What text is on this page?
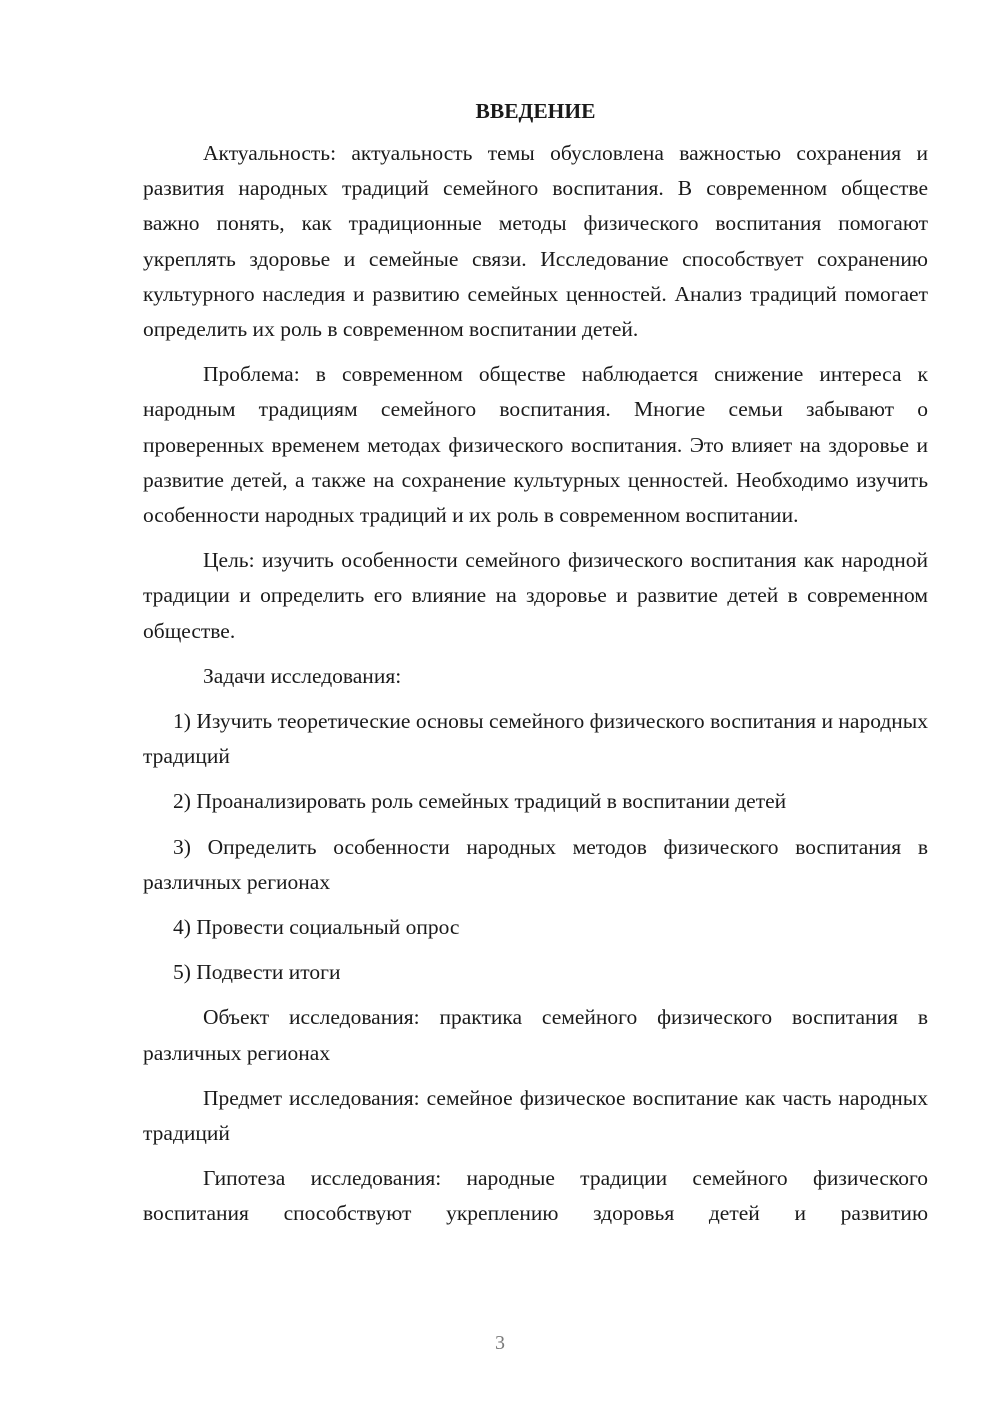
ВВЕДЕНИЕ

Актуальность: актуальность темы обусловлена важностью сохранения и развития народных традиций семейного воспитания. В современном обществе важно понять, как традиционные методы физического воспитания помогают укреплять здоровье и семейные связи. Исследование способствует сохранению культурного наследия и развитию семейных ценностей. Анализ традиций помогает определить их роль в современном воспитании детей.

Проблема: в современном обществе наблюдается снижение интереса к народным традициям семейного воспитания. Многие семьи забывают о проверенных временем методах физического воспитания. Это влияет на здоровье и развитие детей, а также на сохранение культурных ценностей. Необходимо изучить особенности народных традиций и их роль в современном воспитании.

Цель: изучить особенности семейного физического воспитания как народной традиции и определить его влияние на здоровье и развитие детей в современном обществе.

Задачи исследования:

1) Изучить теоретические основы семейного физического воспитания и народных традиций

2) Проанализировать роль семейных традиций в воспитании детей

3) Определить особенности народных методов физического воспитания в различных регионах

4) Провести социальный опрос

5) Подвести итоги

Объект исследования: практика семейного физического воспитания в различных регионах

Предмет исследования: семейное физическое воспитание как часть народных традиций

Гипотеза исследования: народные традиции семейного физического воспитания способствуют укреплению здоровья детей и развитию

3
